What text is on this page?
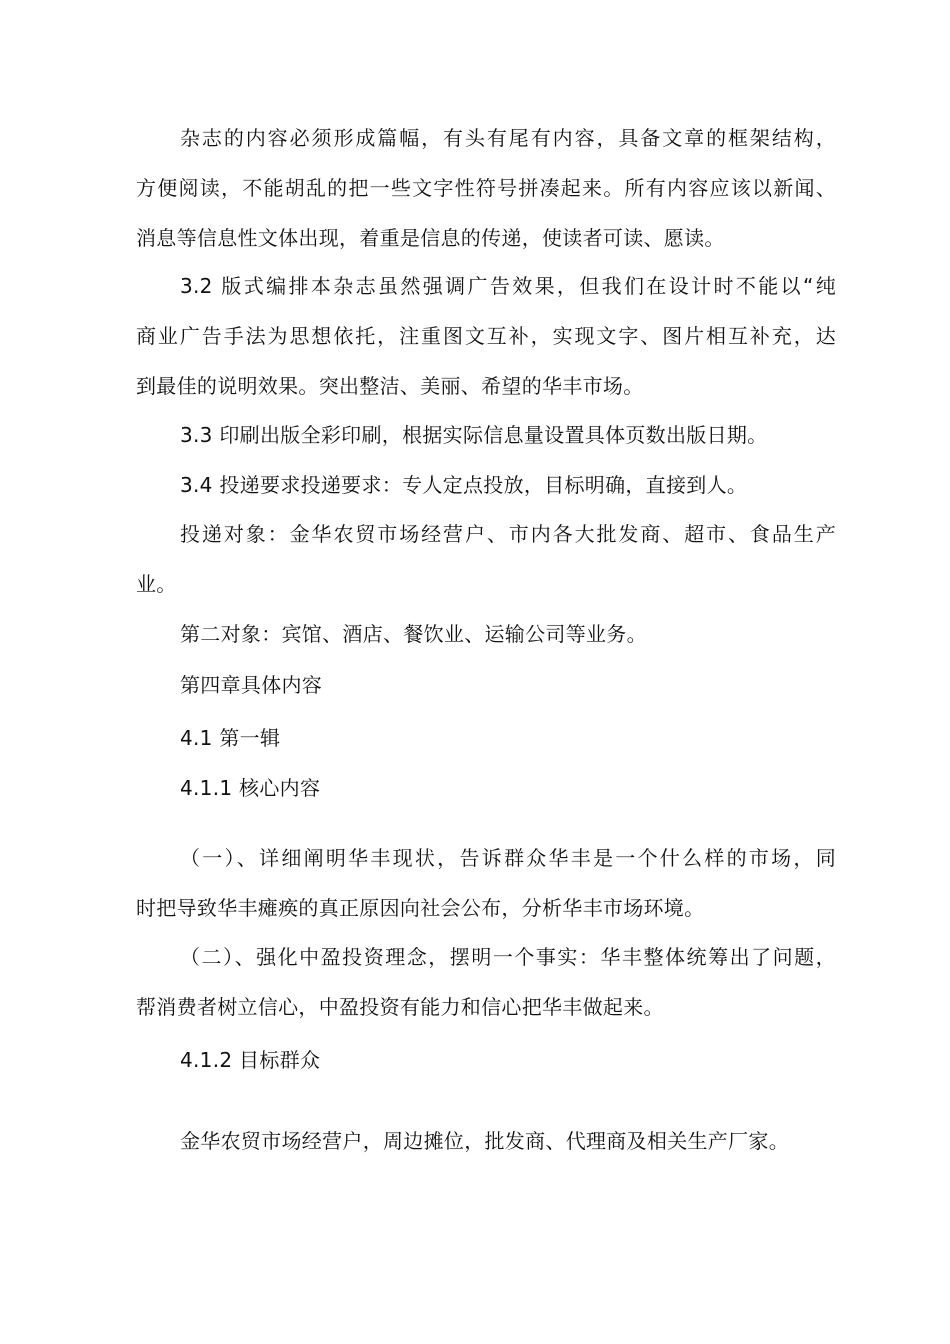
杂志的内容必须形成篇幅，有头有尾有内容，具备文章的框架结构，
方便阅读，不能胡乱的把一些文字性符号拼凑起来。所有内容应该以新闻、
消息等信息性文体出现，着重是信息的传递，使读者可读、愿读。
3.2 版式编排本杂志虽然强调广告效果，但我们在设计时不能以“纯
商业广告手法为思想依托，注重图文互补，实现文字、图片相互补充，达
到最佳的说明效果。突出整洁、美丽、希望的华丰市场。
3.3 印刷出版全彩印刷，根据实际信息量设置具体页数出版日期。
3.4 投递要求投递要求：专人定点投放，目标明确，直接到人。
投递对象：金华农贸市场经营户、市内各大批发商、超市、食品生产
业。
第二对象：宾馆、酒店、餐饮业、运输公司等业务。
第四章具体内容
4.1 第一辑
4.1.1 核心内容
（一）、详细阐明华丰现状，告诉群众华丰是一个什么样的市场，同
时把导致华丰瘫痪的真正原因向社会公布，分析华丰市场环境。
（二）、强化中盈投资理念，摆明一个事实：华丰整体统筹出了问题，
帮消费者树立信心，中盈投资有能力和信心把华丰做起来。
4.1.2 目标群众
金华农贸市场经营户，周边摊位，批发商、代理商及相关生产厂家。
